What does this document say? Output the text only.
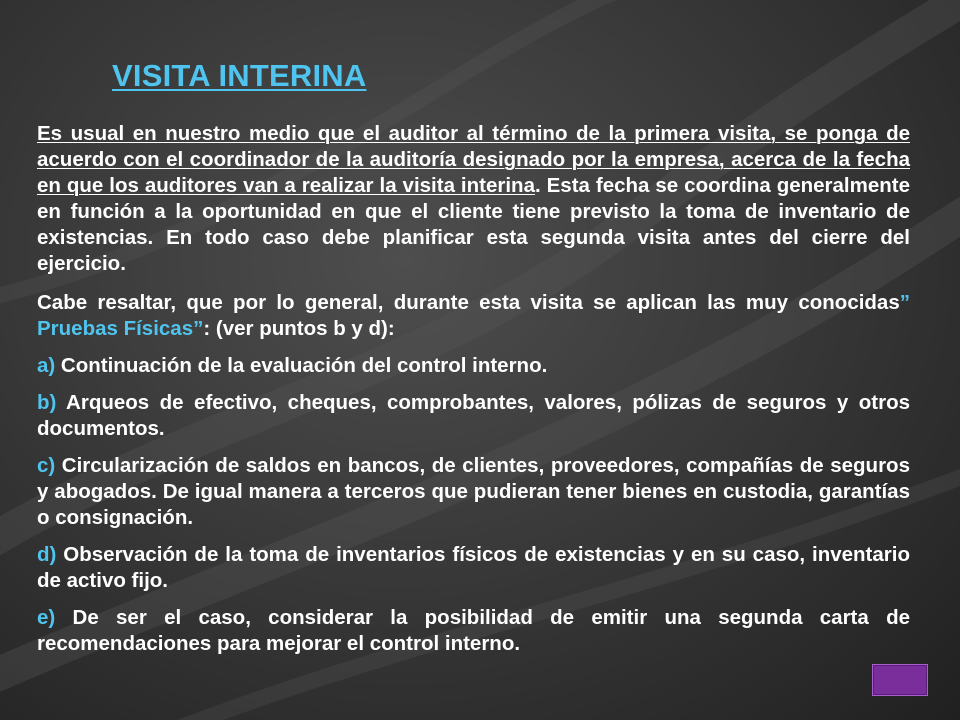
VISITA INTERINA

Es usual en nuestro medio que el auditor al término de la primera visita, se ponga de acuerdo con el coordinador de la auditoría designado por la empresa, acerca de la fecha en que los auditores van a realizar la visita interina. Esta fecha se coordina generalmente en función a la oportunidad en que el cliente tiene previsto la toma de inventario de existencias. En todo caso debe planificar esta segunda visita antes del cierre del ejercicio.

Cabe resaltar, que por lo general, durante esta visita se aplican las muy conocidas” Pruebas Físicas”: (ver puntos b y d):

a) Continuación de la evaluación del control interno.

b) Arqueos de efectivo, cheques, comprobantes, valores, pólizas de seguros y otros documentos.

c) Circularización de saldos en bancos, de clientes, proveedores, compañías de seguros y abogados. De igual manera a terceros que pudieran tener bienes en custodia, garantías o consignación.

d) Observación de la toma de inventarios físicos de existencias y en su caso, inventario de activo fijo.

e) De ser el caso, considerar la posibilidad de emitir una segunda carta de recomendaciones para mejorar el control interno.
